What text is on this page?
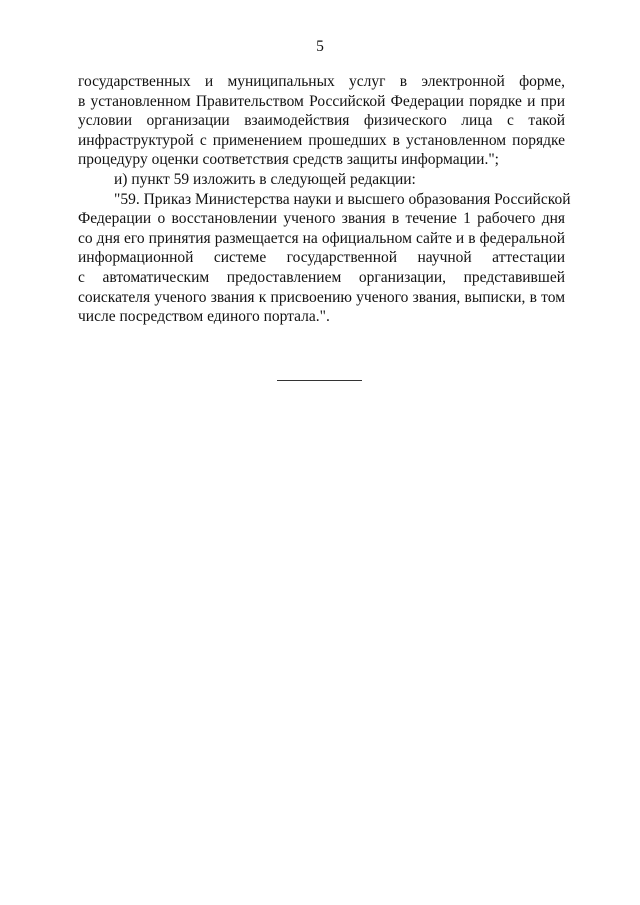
5
государственных и муниципальных услуг в электронной форме,
в установленном Правительством Российской Федерации порядке и при
условии организации взаимодействия физического лица с такой
инфраструктурой с применением прошедших в установленном порядке
процедуру оценки соответствия средств защиты информации.";
и) пункт 59 изложить в следующей редакции:
"59. Приказ Министерства науки и высшего образования Российской
Федерации о восстановлении ученого звания в течение 1 рабочего дня
со дня его принятия размещается на официальном сайте и в федеральной
информационной системе государственной научной аттестации
с автоматическим предоставлением организации, представившей
соискателя ученого звания к присвоению ученого звания, выписки, в том
числе посредством единого портала.".
